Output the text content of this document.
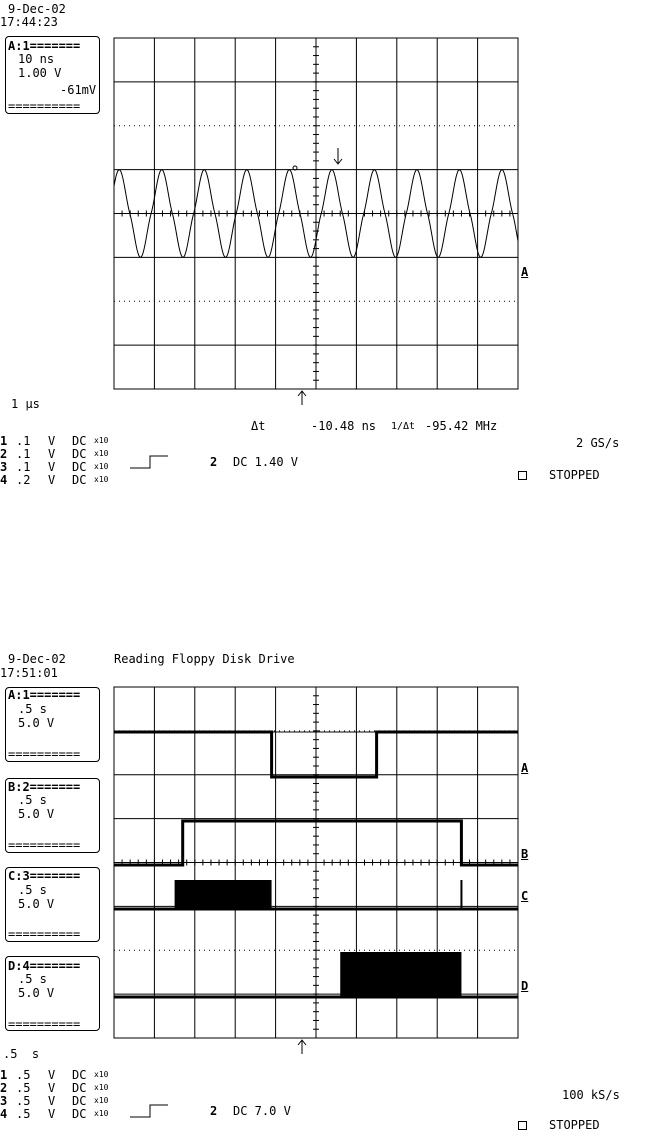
9-Dec-02
17:44:23
A:1=======
10 ns
1.00 V
-61mV
==========
A
1 µs
Δt	-10.48 ns 1/Δt -95.42 MHz
1 .1 V DC x10
2 .1 V DC x10
3 .1 V DC x10
4 .2 V DC x10
2 DC 1.40 V
2 GS/s
STOPPED
9-Dec-02	Reading Floppy Disk Drive
17:51:01
A:1=======
.5 s
5.0 V
==========
B:2=======
.5 s
5.0 V
==========
C:3=======
.5 s
5.0 V
==========
D:4=======
.5 s
5.0 V
==========
A
B
C
D
.5  s
1 .5 V DC x10
2 .5 V DC x10
3 .5 V DC x10
4 .5 V DC x10	2 DC 7.0 V
100 kS/s
STOPPED
